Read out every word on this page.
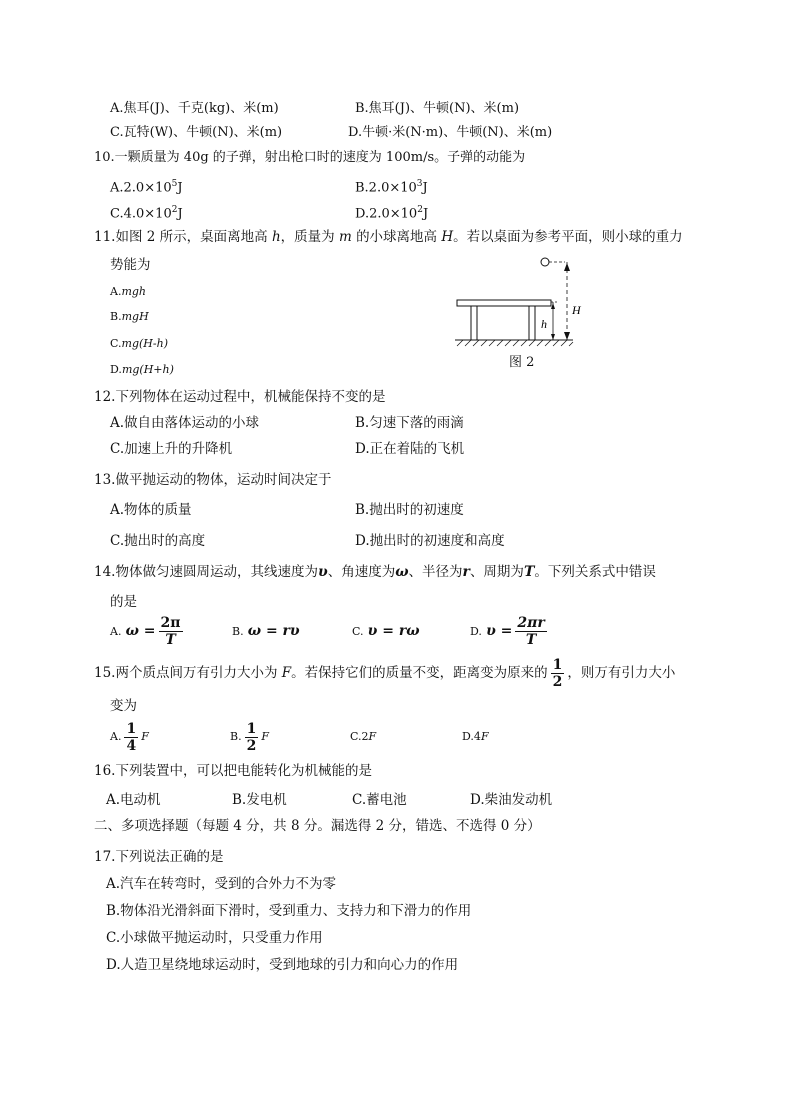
A.焦耳(J)、千克(kg)、米(m)	B.焦耳(J)、牛顿(N)、米(m)
C.瓦特(W)、牛顿(N)、米(m)	D.牛顿·米(N·m)、牛顿(N)、米(m)
10.一颗质量为 40g 的子弹，射出枪口时的速度为 100m/s。子弹的动能为
$A.2.0\times 10^5J$	$B.2.0\times 10^3J$
$C.4.0\times 10^2J$	$D.2.0\times 10^2J$
11.如图 2 所示，桌面离地高 h，质量为 m 的小球离地高 H。若以桌面为参考平面，则小球的重力
势能为
A.mgh
B.mgH
C.mg(H-h)
D.mg(H+h)
H
h
图 2
12.下列物体在运动过程中，机械能保持不变的是
A.做自由落体运动的小球	B.匀速下落的雨滴
C.加速上升的升降机	D.正在着陆的飞机
13.做平抛运动的物体，运动时间决定于
A.物体的质量	B.抛出时的初速度
C.抛出时的高度	D.抛出时的初速度和高度
14.物体做匀速圆周运动，其线速度为υ、角速度为ω、半径为r、周期为T。下列关系式中错误
的是
A. $\omega = \frac{2\pi}{T}$	B. ω = rυ	C. υ = rω	D. $\upsilon = \frac{2\pi r}{T}$
15.两个质点间万有引力大小为 F。若保持它们的质量不变，距离变为原来的 $\frac{1}{2}$ ，则万有引力大小
变为
A. $\frac{1}{4}$ F	B. $\frac{1}{2}$ F	C.2F	D.4F
16.下列装置中，可以把电能转化为机械能的是
A.电动机	B.发电机	C.蓄电池	D.柴油发动机
二、多项选择题（每题 4 分，共 8 分。漏选得 2 分，错选、不选得 0 分）
17.下列说法正确的是
A.汽车在转弯时，受到的合外力不为零
B.物体沿光滑斜面下滑时，受到重力、支持力和下滑力的作用
C.小球做平抛运动时，只受重力作用
D.人造卫星绕地球运动时，受到地球的引力和向心力的作用
